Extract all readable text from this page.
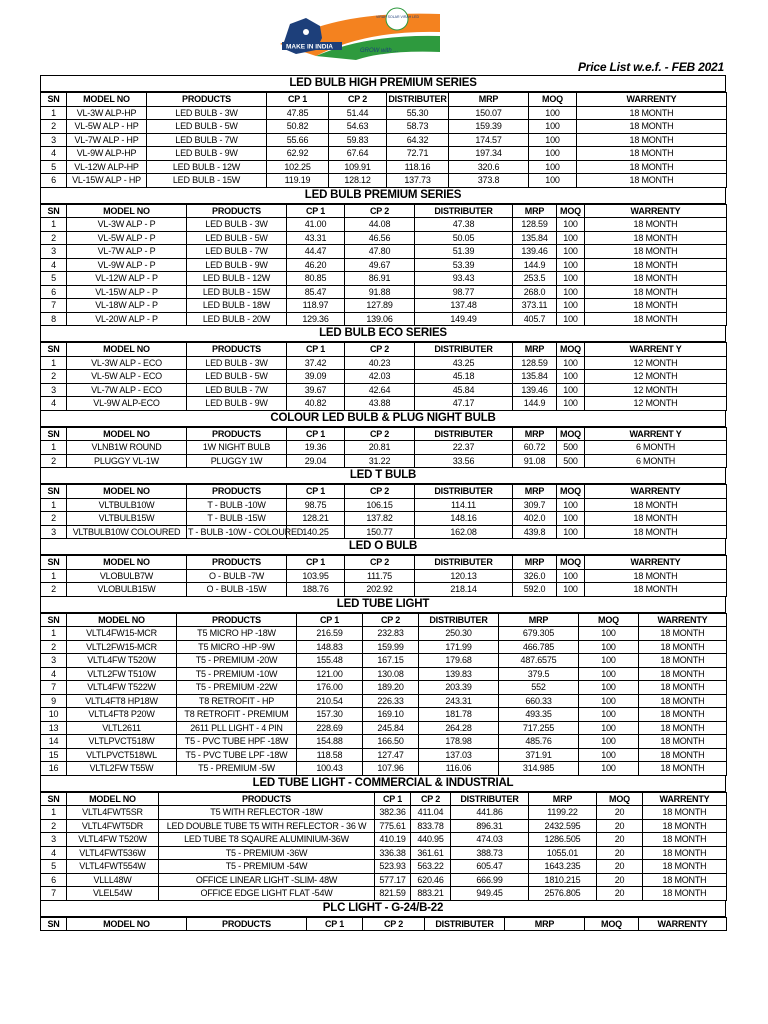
MAKE IN INDIA
VIRAH SOLAR VIRAH LED
GROW with ...
Price List w.e.f. - FEB 2021
LED BULB HIGH PREMIUM SERIES
SN	MODEL NO	PRODUCTS	CP 1	CP 2	DISTRIBUTER	MRP	MOQ	WARRENTY
1	VL-3W ALP-HP	LED BULB - 3W	47.85	51.44	55.30	150.07	100	18 MONTH
2	VL-5W ALP - HP	LED BULB - 5W	50.82	54.63	58.73	159.39	100	18 MONTH
3	VL-7W ALP - HP	LED BULB - 7W	55.66	59.83	64.32	174.57	100	18 MONTH
4	VL-9W ALP-HP	LED BULB - 9W	62.92	67.64	72.71	197.34	100	18 MONTH
5	VL-12W ALP-HP	LED BULB - 12W	102.25	109.91	118.16	320.6	100	18 MONTH
6	VL-15W ALP - HP	LED BULB - 15W	119.19	128.12	137.73	373.8	100	18 MONTH
LED BULB PREMIUM SERIES
SN	MODEL NO	PRODUCTS	CP 1	CP 2	DISTRIBUTER	MRP	MOQ	WARRENTY
1	VL-3W ALP - P	LED BULB - 3W	41.00	44.08	47.38	128.59	100	18 MONTH
2	VL-5W ALP - P	LED BULB - 5W	43.31	46.56	50.05	135.84	100	18 MONTH
3	VL-7W ALP - P	LED BULB - 7W	44.47	47.80	51.39	139.46	100	18 MONTH
4	VL-9W ALP - P	LED BULB - 9W	46.20	49.67	53.39	144.9	100	18 MONTH
5	VL-12W ALP - P	LED BULB - 12W	80.85	86.91	93.43	253.5	100	18 MONTH
6	VL-15W ALP - P	LED BULB - 15W	85.47	91.88	98.77	268.0	100	18 MONTH
7	VL-18W ALP - P	LED BULB - 18W	118.97	127.89	137.48	373.11	100	18 MONTH
8	VL-20W ALP - P	LED BULB - 20W	129.36	139.06	149.49	405.7	100	18 MONTH
LED BULB ECO SERIES
SN	MODEL NO	PRODUCTS	CP 1	CP 2	DISTRIBUTER	MRP	MOQ	WARRENT Y
1	VL-3W ALP - ECO	LED BULB - 3W	37.42	40.23	43.25	128.59	100	12 MONTH
2	VL-5W ALP - ECO	LED BULB - 5W	39.09	42.03	45.18	135.84	100	12 MONTH
3	VL-7W ALP - ECO	LED BULB - 7W	39.67	42.64	45.84	139.46	100	12 MONTH
4	VL-9W ALP-ECO	LED BULB - 9W	40.82	43.88	47.17	144.9	100	12 MONTH
COLOUR LED BULB & PLUG NIGHT BULB
SN	MODEL NO	PRODUCTS	CP 1	CP 2	DISTRIBUTER	MRP	MOQ	WARRENT Y
1	VLNB1W ROUND	1W NIGHT BULB	19.36	20.81	22.37	60.72	500	6 MONTH
2	PLUGGY VL-1W	PLUGGY 1W	29.04	31.22	33.56	91.08	500	6 MONTH
LED T BULB
SN	MODEL NO	PRODUCTS	CP 1	CP 2	DISTRIBUTER	MRP	MOQ	WARRENTY
1	VLTBULB10W	T - BULB -10W	98.75	106.15	114.11	309.7	100	18 MONTH
2	VLTBULB15W	T - BULB -15W	128.21	137.82	148.16	402.0	100	18 MONTH
3	VLTBULB10W COLOURED	T - BULB -10W - COLOURED	140.25	150.77	162.08	439.8	100	18 MONTH
LED O BULB
SN	MODEL NO	PRODUCTS	CP 1	CP 2	DISTRIBUTER	MRP	MOQ	WARRENTY
1	VLOBULB7W	O - BULB -7W	103.95	111.75	120.13	326.0	100	18 MONTH
2	VLOBULB15W	O - BULB -15W	188.76	202.92	218.14	592.0	100	18 MONTH
LED TUBE LIGHT
SN	MODEL NO	PRODUCTS	CP 1	CP 2	DISTRIBUTER	MRP	MOQ	WARRENTY
1	VLTL4FW15-MCR	T5 MICRO HP -18W	216.59	232.83	250.30	679.305	100	18 MONTH
2	VLTL2FW15-MCR	T5 MICRO -HP -9W	148.83	159.99	171.99	466.785	100	18 MONTH
3	VLTL4FW T520W	T5 - PREMIUM -20W	155.48	167.15	179.68	487.6575	100	18 MONTH
4	VLTL2FW T510W	T5 - PREMIUM -10W	121.00	130.08	139.83	379.5	100	18 MONTH
7	VLTL4FW T522W	T5 - PREMIUM -22W	176.00	189.20	203.39	552	100	18 MONTH
9	VLTL4FT8 HP18W	T8 RETROFIT - HP	210.54	226.33	243.31	660.33	100	18 MONTH
10	VLTL4FT8 P20W	T8 RETROFIT - PREMIUM	157.30	169.10	181.78	493.35	100	18 MONTH
13	VLTL2611	2611 PLL LIGHT - 4 PIN	228.69	245.84	264.28	717.255	100	18 MONTH
14	VLTLPVCT518W	T5 - PVC TUBE HPF -18W	154.88	166.50	178.98	485.76	100	18 MONTH
15	VLTLPVCT518WL	T5 - PVC TUBE LPF -18W	118.58	127.47	137.03	371.91	100	18 MONTH
16	VLTL2FW T55W	T5 - PREMIUM -5W	100.43	107.96	116.06	314.985	100	18 MONTH
LED TUBE LIGHT - COMMERCIAL & INDUSTRIAL
SN	MODEL NO	PRODUCTS	CP 1	CP 2	DISTRIBUTER	MRP	MOQ	WARRENTY
1	VLTL4FWT5SR	T5 WITH REFLECTOR -18W	382.36	411.04	441.86	1199.22	20	18 MONTH
2	VLTL4FWT5DR	LED DOUBLE TUBE T5 WITH REFLECTOR - 36 W	775.61	833.78	896.31	2432.595	20	18 MONTH
3	VLTL4FW T520W	LED TUBE T8 SQAURE ALUMINIUM-36W	410.19	440.95	474.03	1286.505	20	18 MONTH
4	VLTL4FWT536W	T5 - PREMIUM -36W	336.38	361.61	388.73	1055.01	20	18 MONTH
5	VLTL4FWT554W	T5 - PREMIUM -54W	523.93	563.22	605.47	1643.235	20	18 MONTH
6	VLLL48W	OFFICE LINEAR LIGHT -SLIM- 48W	577.17	620.46	666.99	1810.215	20	18 MONTH
7	VLEL54W	OFFICE EDGE LIGHT FLAT -54W	821.59	883.21	949.45	2576.805	20	18 MONTH
PLC LIGHT - G-24/B-22
SN	MODEL NO	PRODUCTS	CP 1	CP 2	DISTRIBUTER	MRP	MOQ	WARRENTY
